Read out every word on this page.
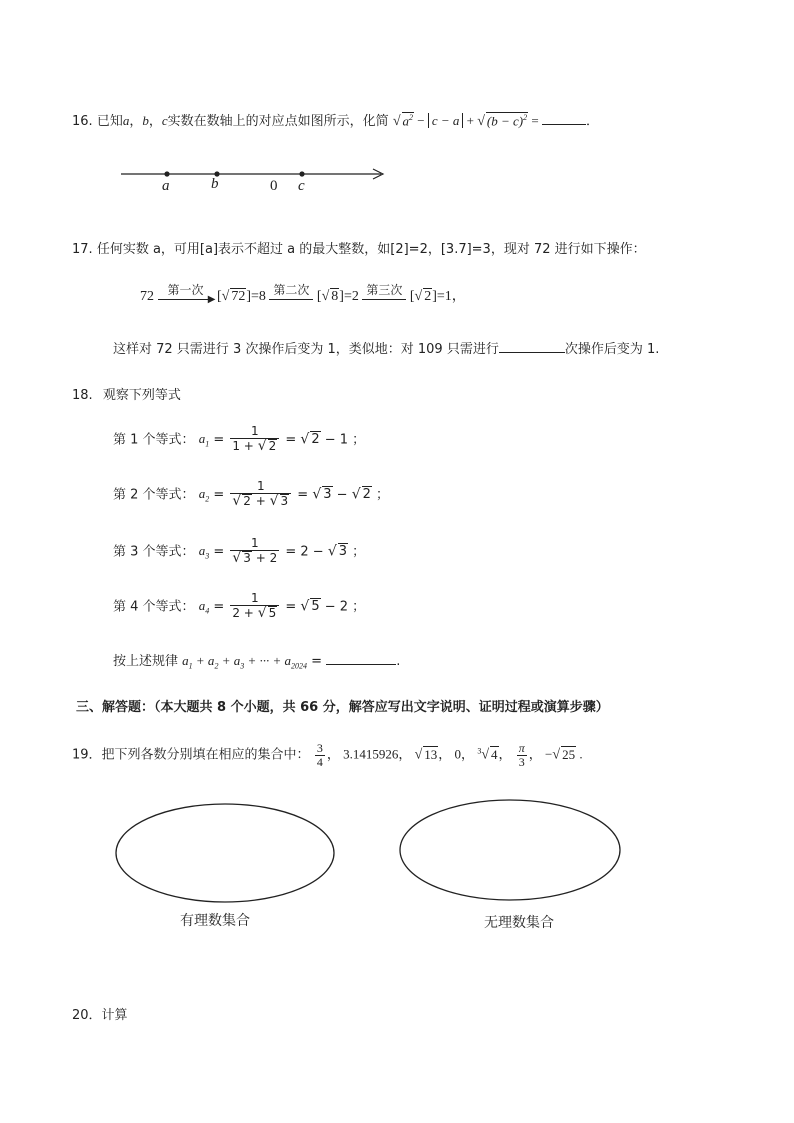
16. 已知a，b，c实数在数轴上的对应点如图所示，化简 √ $a^2 - c - a$ + √ $(b - c)^2$ =	．
a	b	0 c
17. 任何实数 a，可用[a]表示不超过 a 的最大整数，如[2]=2，[3.7]=3，现对 72 进行如下操作：
72 第一次
▶ [√ 72]=8 第二次 [√ 8]=2 第三次 [√ 2]=1，
这样对 72 只需进行 3 次操作后变为 1，类似地：对 109 只需进行	次操作后变为 1.
18. 观察下列等式
第 1 个等式： $a_1 = \frac{1}{1 + √ 2}$ = √ 2 − 1 ；
第 2 个等式： $a_2 = \frac{1}{√ 2 + √ 3}$ = √ 3 − √ 2 ；
第 3 个等式： $a_3 = \frac{1}{√ 3 + 2} = 2$ − √ 3 ；
第 4 个等式： $a_4 = \frac{1}{2 + √ 5}$ = √ 5 − 2 ；
按上述规律 $a_1 + a_2 + a_3$ + ··· + $a_{2024}$ =	.
三、解答题：（本大题共 8 个小题，共 66 分，解答应写出文字说明、证明过程或演算步骤）
19．把下列各数分别填在相应的集合中： $\frac{3}{4}$ ， 3.1415926， √ 13， 0， $^3$√ 4， $\frac{\pi}{3}$ ， −√ 25 .
有理数集合	无理数集合
20．计算
